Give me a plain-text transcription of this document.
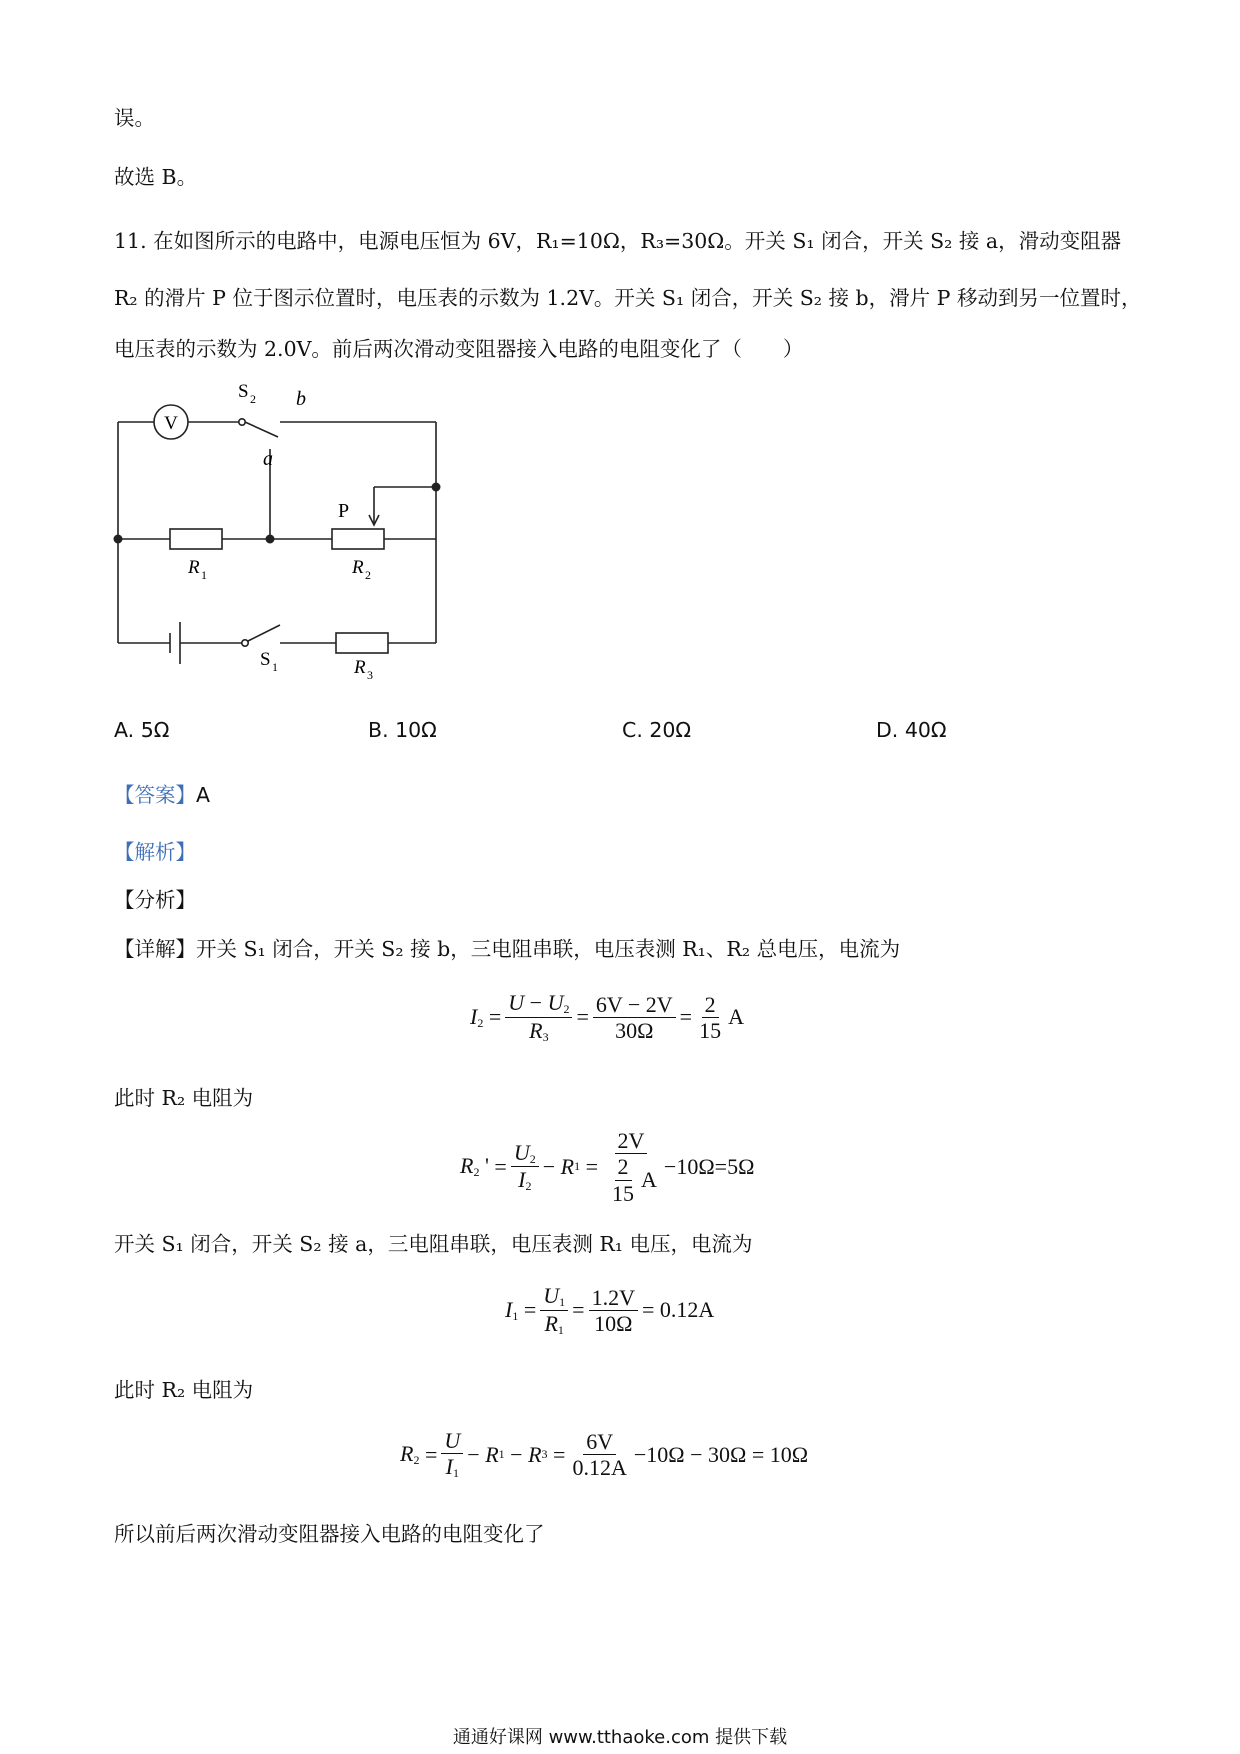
误。
故选 B。
11. 在如图所示的电路中，电源电压恒为 6V，R₁=10Ω，R₃=30Ω。开关 S₁ 闭合，开关 S₂ 接 a，滑动变阻器
R₂ 的滑片 P 位于图示位置时，电压表的示数为 1.2V。开关 S₁ 闭合，开关 S₂ 接 b，滑片 P 移动到另一位置时，
电压表的示数为 2.0V。前后两次滑动变阻器接入电路的电阻变化了（　　）
V
S 2 b
a
P
R 1	R 2
S 1	R 3
A. 5Ω	B. 10Ω	C. 20Ω	D. 40Ω
【答案】A
【解析】
【分析】
【详解】开关 S₁ 闭合，开关 S₂ 接 b，三电阻串联，电压表测 R₁、R₂ 总电压，电流为
$I_2 = \frac{U - U_2}{R_3} = \frac{6V - 2V}{30\Omega} = \frac{2}{15}$ A
此时 R₂ 电阻为
$R_2$ ' = $\frac{U_2}{I_2} - R$ $1 = \frac{2V}{\frac{2}{15} A} -10\Omega=5\Omega$
开关 S₁ 闭合，开关 S₂ 接 a，三电阻串联，电压表测 R₁ 电压，电流为
$I_1 = \frac{U_1}{R_1} = \frac{1.2V}{10\Omega} = 0.12A$
此时 R₂ 电阻为
$R_2 = \frac{U}{I_1} - R$ 1 − R $3 = \frac{6V}{0.12A} -10\Omega - 30\Omega = 10\Omega$
所以前后两次滑动变阻器接入电路的电阻变化了
通通好课网 www.tthaoke.com 提供下载
